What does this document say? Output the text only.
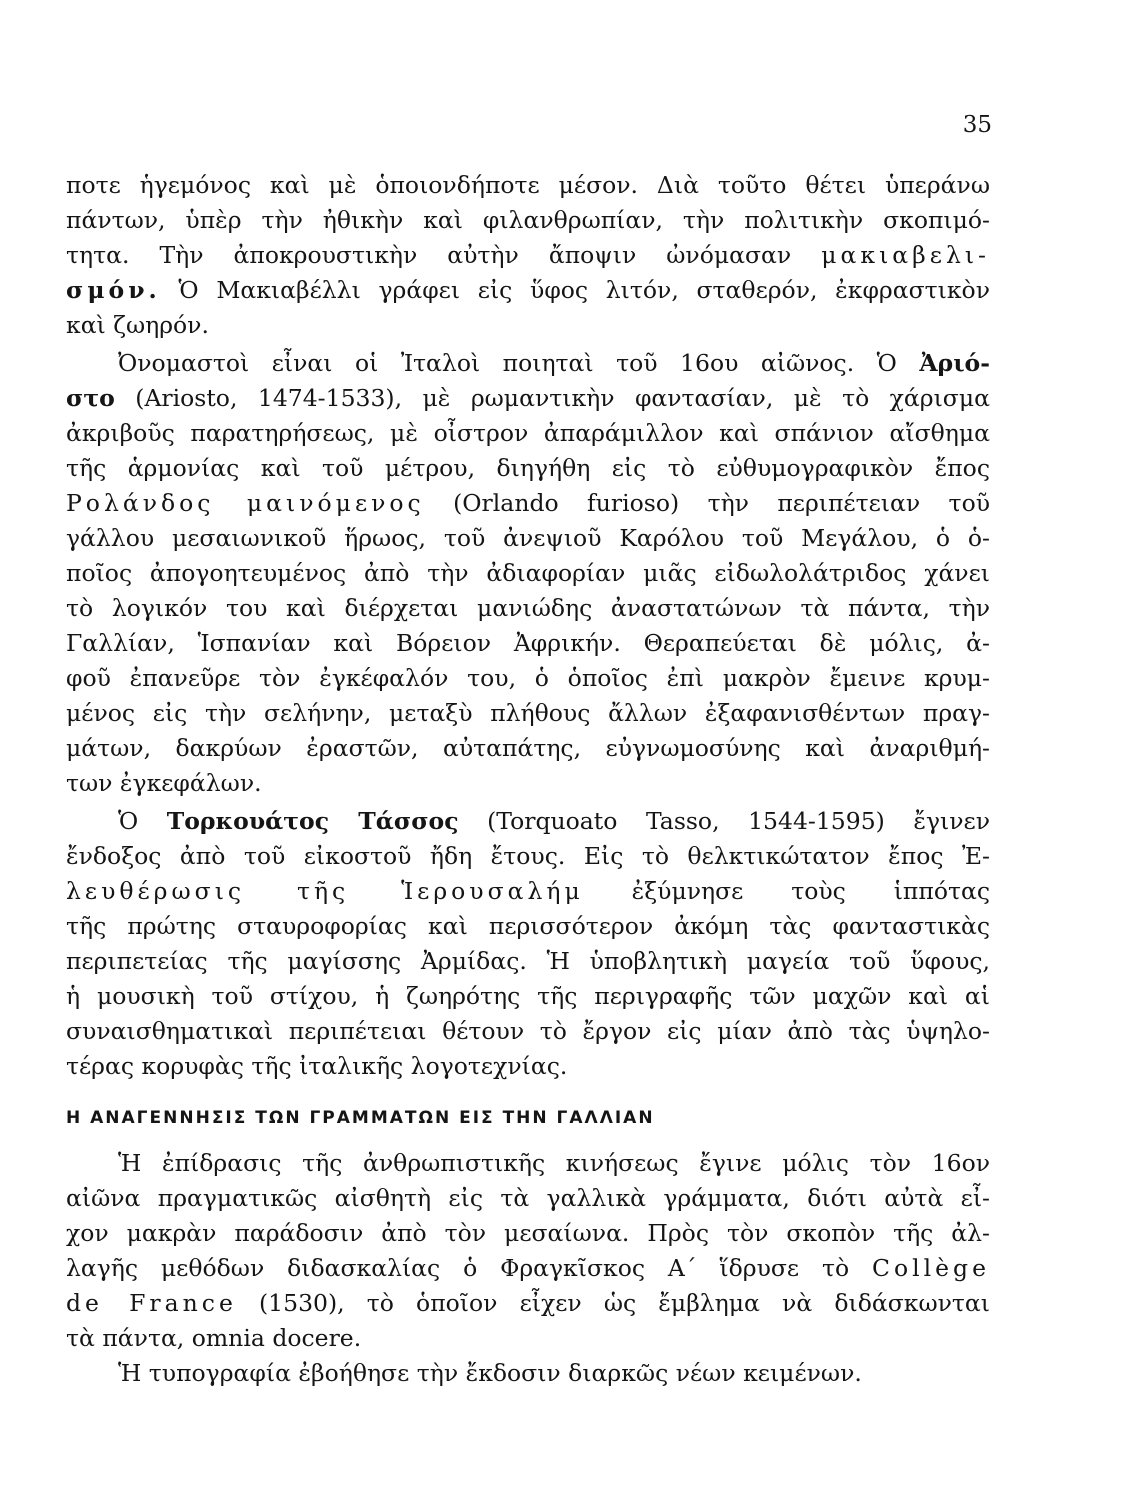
35
ποτε ἡγεμόνος καὶ μὲ ὁποιονδήποτε μέσον. Διὰ τοῦτο θέτει ὑπεράνω
πάντων, ὑπὲρ τὴν ἠθικὴν καὶ φιλανθρωπίαν, τὴν πολιτικὴν σκοπιμό-
τητα. Τὴν ἀποκρουστικὴν αὐτὴν ἄποψιν ὠνόμασαν μακιαβελι-
σμόν. Ὁ Μακιαβέλλι γράφει εἰς ὕφος λιτόν, σταθερόν, ἐκφραστικὸν
καὶ ζωηρόν.
Ὀνομαστοὶ εἶναι οἱ Ἰταλοὶ ποιηταὶ τοῦ 16ου αἰῶνος. Ὁ Ἀριό-
στο (Ariosto, 1474-1533), μὲ ρωμαντικὴν φαντασίαν, μὲ τὸ χάρισμα
ἀκριβοῦς παρατηρήσεως, μὲ οἶστρον ἀπαράμιλλον καὶ σπάνιον αἴσθημα
τῆς ἁρμονίας καὶ τοῦ μέτρου, διηγήθη εἰς τὸ εὐθυμογραφικὸν ἔπος
Ρολάνδος μαινόμενος (Orlando furioso) τὴν περιπέτειαν τοῦ
γάλλου μεσαιωνικοῦ ἥρωος, τοῦ ἀνεψιοῦ Καρόλου τοῦ Μεγάλου, ὁ ὁ-
ποῖος ἀπογοητευμένος ἀπὸ τὴν ἀδιαφορίαν μιᾶς εἰδωλολάτριδος χάνει
τὸ λογικόν του καὶ διέρχεται μανιώδης ἀναστατώνων τὰ πάντα, τὴν
Γαλλίαν, Ἱσπανίαν καὶ Βόρειον Ἀφρικήν. Θεραπεύεται δὲ μόλις, ἀ-
φοῦ ἐπανεῦρε τὸν ἐγκέφαλόν του, ὁ ὁποῖος ἐπὶ μακρὸν ἔμεινε κρυμ-
μένος εἰς τὴν σελήνην, μεταξὺ πλήθους ἄλλων ἐξαφανισθέντων πραγ-
μάτων, δακρύων ἐραστῶν, αὐταπάτης, εὐγνωμοσύνης καὶ ἀναριθμή-
των ἐγκεφάλων.
Ὁ Τορκουάτος Τάσσος (Torquoato Tasso, 1544-1595) ἔγινεν
ἔνδοξος ἀπὸ τοῦ εἰκοστοῦ ἤδη ἔτους. Εἰς τὸ θελκτικώτατον ἔπος Ἐ-
λευθέρωσις τῆς Ἱερουσαλήμ ἐξύμνησε τοὺς ἱππότας
τῆς πρώτης σταυροφορίας καὶ περισσότερον ἀκόμη τὰς φανταστικὰς
περιπετείας τῆς μαγίσσης Ἀρμίδας. Ἡ ὑποβλητικὴ μαγεία τοῦ ὕφους,
ἡ μουσικὴ τοῦ στίχου, ἡ ζωηρότης τῆς περιγραφῆς τῶν μαχῶν καὶ αἱ
συναισθηματικαὶ περιπέτειαι θέτουν τὸ ἔργον εἰς μίαν ἀπὸ τὰς ὑψηλο-
τέρας κορυφὰς τῆς ἰταλικῆς λογοτεχνίας.
Η ΑΝΑΓΕΝΝΗΣΙΣ ΤΩΝ ΓΡΑΜΜΑΤΩΝ ΕΙΣ ΤΗΝ ΓΑΛΛΙΑΝ
Ἡ ἐπίδρασις τῆς ἀνθρωπιστικῆς κινήσεως ἔγινε μόλις τὸν 16ον
αἰῶνα πραγματικῶς αἰσθητὴ εἰς τὰ γαλλικὰ γράμματα, διότι αὐτὰ εἶ-
χον μακρὰν παράδοσιν ἀπὸ τὸν μεσαίωνα. Πρὸς τὸν σκοπὸν τῆς ἀλ-
λαγῆς μεθόδων διδασκαλίας ὁ Φραγκῖσκος Α΄ ἵδρυσε τὸ Collège
de France (1530), τὸ ὁποῖον εἶχεν ὡς ἔμβλημα νὰ διδάσκωνται
τὰ πάντα, omnia docere.
Ἡ τυπογραφία ἐβοήθησε τὴν ἔκδοσιν διαρκῶς νέων κειμένων.
